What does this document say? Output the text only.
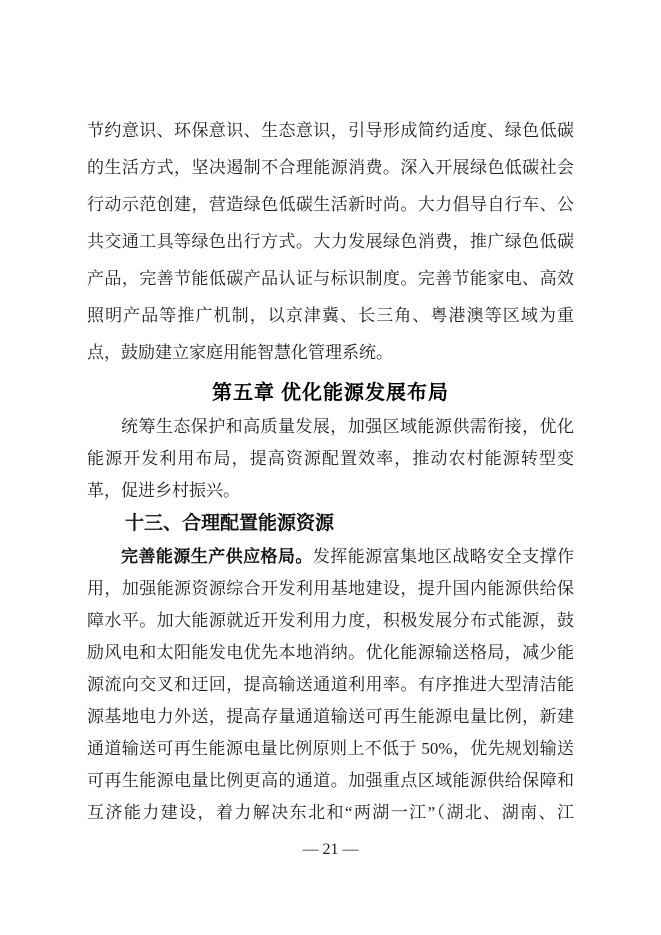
节约意识、环保意识、生态意识，引导形成简约适度、绿色低碳
的生活方式，坚决遏制不合理能源消费。深入开展绿色低碳社会
行动示范创建，营造绿色低碳生活新时尚。大力倡导自行车、公
共交通工具等绿色出行方式。大力发展绿色消费，推广绿色低碳
产品，完善节能低碳产品认证与标识制度。完善节能家电、高效
照明产品等推广机制，以京津冀、长三角、粤港澳等区域为重
点，鼓励建立家庭用能智慧化管理系统。

第五章 优化能源发展布局

统筹生态保护和高质量发展，加强区域能源供需衔接，优化
能源开发利用布局，提高资源配置效率，推动农村能源转型变
革，促进乡村振兴。

十三、合理配置能源资源

完善能源生产供应格局。发挥能源富集地区战略安全支撑作
用，加强能源资源综合开发利用基地建设，提升国内能源供给保
障水平。加大能源就近开发利用力度，积极发展分布式能源，鼓
励风电和太阳能发电优先本地消纳。优化能源输送格局，减少能
源流向交叉和迂回，提高输送通道利用率。有序推进大型清洁能
源基地电力外送，提高存量通道输送可再生能源电量比例，新建
通道输送可再生能源电量比例原则上不低于 50%，优先规划输送
可再生能源电量比例更高的通道。加强重点区域能源供给保障和
互济能力建设，着力解决东北和“两湖一江”（湖北、湖南、江

— 21 —
